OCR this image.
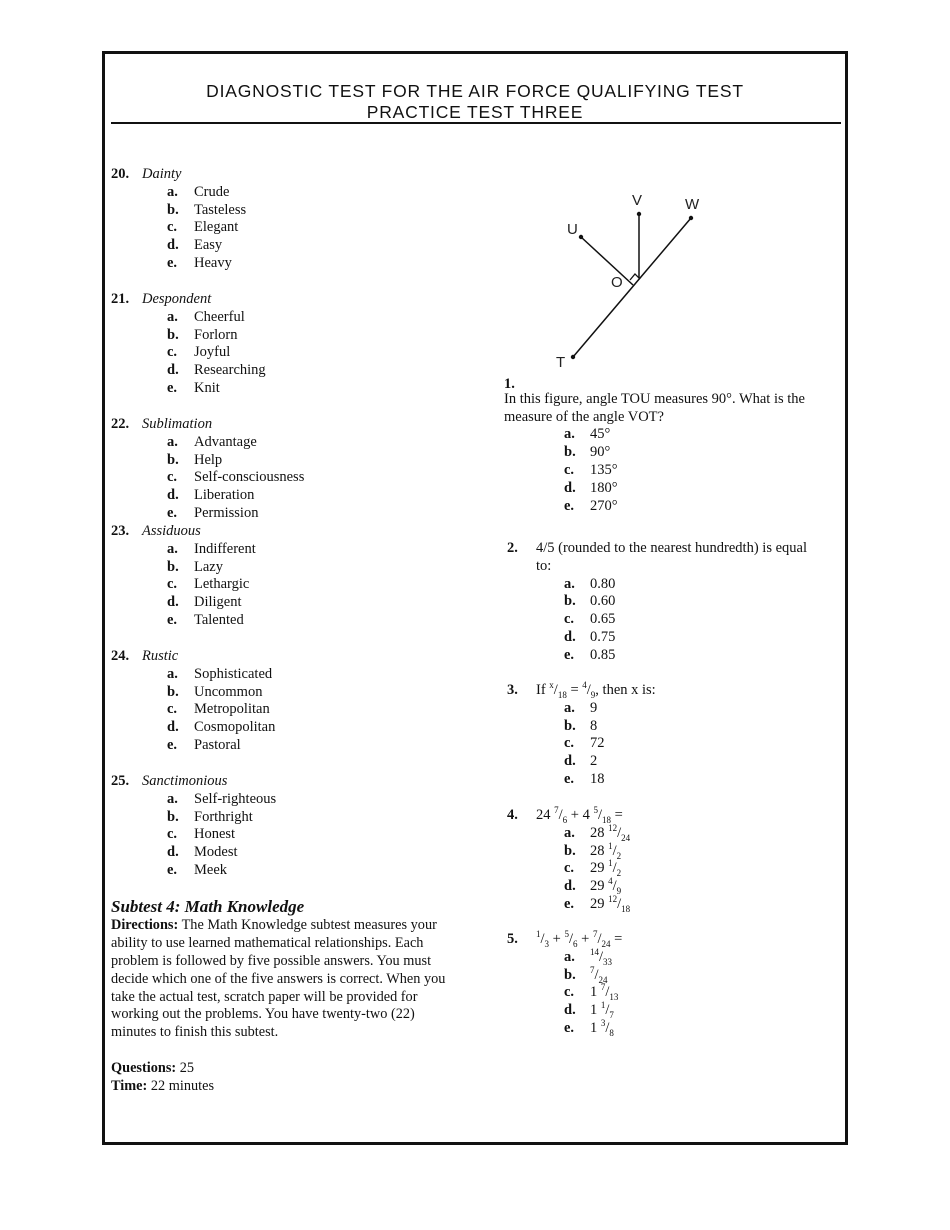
DIAGNOSTIC TEST FOR THE AIR FORCE QUALIFYING TEST
PRACTICE TEST THREE
20. Dainty
a. Crude
b. Tasteless
c. Elegant
d. Easy
e. Heavy
21. Despondent
a. Cheerful
b. Forlorn
c. Joyful
d. Researching
e. Knit
22. Sublimation
a. Advantage
b. Help
c. Self-consciousness
d. Liberation
e. Permission
23. Assiduous
a. Indifferent
b. Lazy
c. Lethargic
d. Diligent
e. Talented
24. Rustic
a. Sophisticated
b. Uncommon
c. Metropolitan
d. Cosmopolitan
e. Pastoral
25. Sanctimonious
a. Self-righteous
b. Forthright
c. Honest
d. Modest
e. Meek
Subtest 4: Math Knowledge
Directions: The Math Knowledge subtest measures your ability to use learned mathematical relationships. Each problem is followed by five possible answers. You must decide which one of the five answers is correct. When you take the actual test, scratch paper will be provided for working out the problems. You have twenty-two (22) minutes to finish this subtest.
Questions: 25
Time: 22 minutes
U
V	W
O
T
1.
In this figure, angle TOU measures 90°. What is the measure of the angle VOT?
a. 45°
b. 90°
c. 135°
d. 180°
e. 270°
2. 4/5 (rounded to the nearest hundredth) is equal
to:
a. 0.80
b. 0.60
c. 0.65
d. 0.75
e. 0.85
3. If $^x/_{18} = ^4/_9$, then x is:
a. 9
b. 8
c. 72
d. 2
e. 18
4. 24 $^7/_6 + 4$ $^5/_{18}$ =
a. 28 $^{12}/_{24}$
b. 28 $^1/_2$
c. 29 $^1/_2$
d. 29 $^4/_9$
e. 29 $^{12}/_{18}$
5. $^1/_3 + ^5/_6 + ^7/_{24}$ =
a. $^{14}/_{33}$
b. $^7/_{24}$
c. 1 $^7/_{13}$
d. 1 $^1/_7$
e. 1 $^3/_8$
